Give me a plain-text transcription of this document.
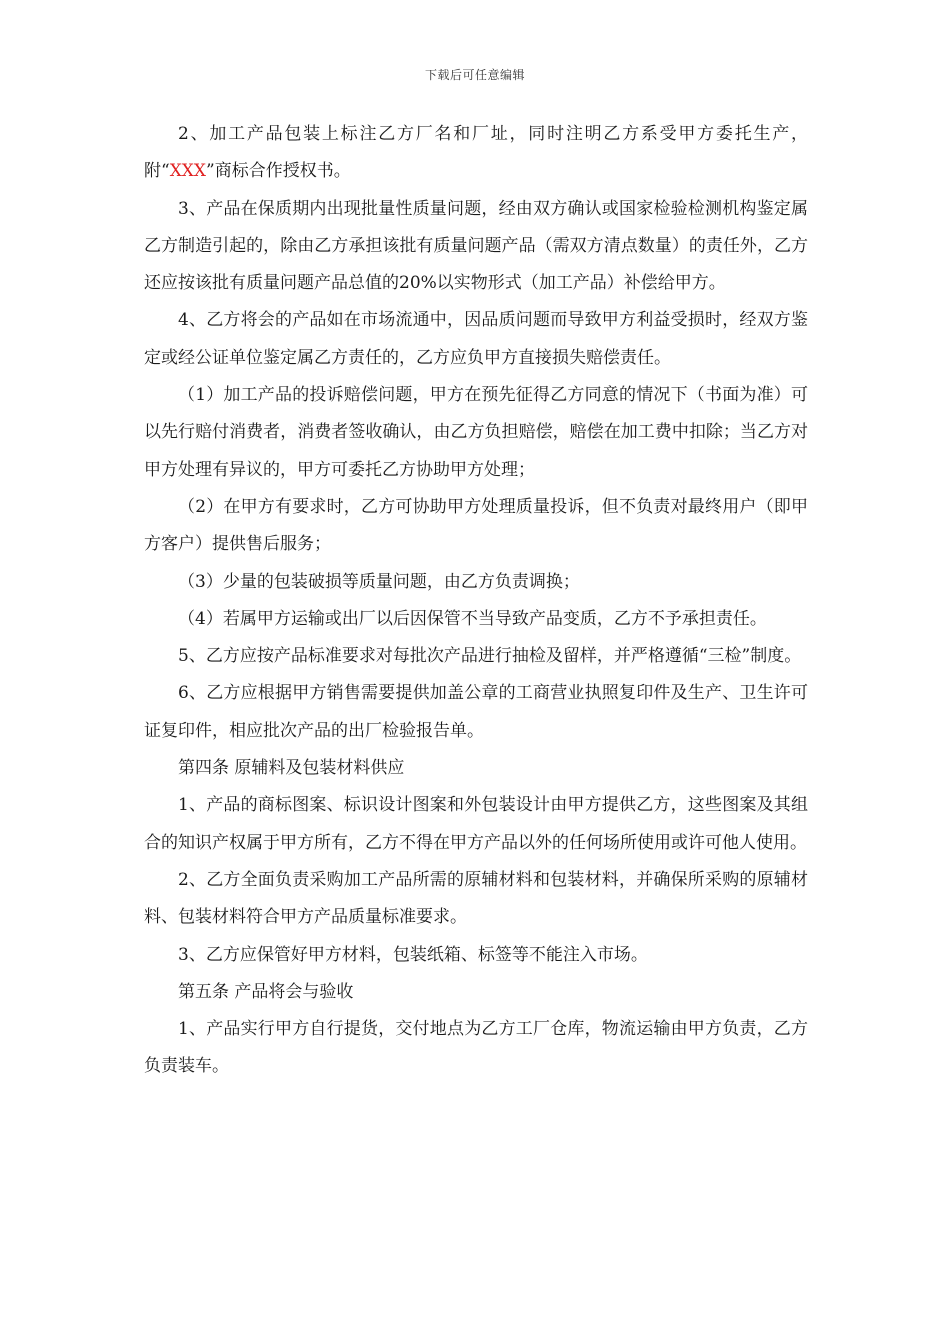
下载后可任意编辑

2、加工产品包装上标注乙方厂名和厂址，同时注明乙方系受甲方委托生产，附“XXX”商标合作授权书。

3、产品在保质期内出现批量性质量问题，经由双方确认或国家检验检测机构鉴定属乙方制造引起的，除由乙方承担该批有质量问题产品（需双方清点数量）的责任外，乙方还应按该批有质量问题产品总值的20%以实物形式（加工产品）补偿给甲方。

4、乙方将会的产品如在市场流通中，因品质问题而导致甲方利益受损时，经双方鉴定或经公证单位鉴定属乙方责任的，乙方应负甲方直接损失赔偿责任。

（1）加工产品的投诉赔偿问题，甲方在预先征得乙方同意的情况下（书面为准）可以先行赔付消费者，消费者签收确认，由乙方负担赔偿，赔偿在加工费中扣除；当乙方对甲方处理有异议的，甲方可委托乙方协助甲方处理；

（2）在甲方有要求时，乙方可协助甲方处理质量投诉，但不负责对最终用户（即甲方客户）提供售后服务；

（3）少量的包装破损等质量问题，由乙方负责调换；

（4）若属甲方运输或出厂以后因保管不当导致产品变质，乙方不予承担责任。

5、乙方应按产品标准要求对每批次产品进行抽检及留样，并严格遵循“三检”制度。

6、乙方应根据甲方销售需要提供加盖公章的工商营业执照复印件及生产、卫生许可证复印件，相应批次产品的出厂检验报告单。

第四条 原辅料及包装材料供应

1、产品的商标图案、标识设计图案和外包装设计由甲方提供乙方，这些图案及其组合的知识产权属于甲方所有，乙方不得在甲方产品以外的任何场所使用或许可他人使用。

2、乙方全面负责采购加工产品所需的原辅材料和包装材料，并确保所采购的原辅材料、包装材料符合甲方产品质量标准要求。

3、乙方应保管好甲方材料，包装纸箱、标签等不能注入市场。

第五条 产品将会与验收

1、产品实行甲方自行提货，交付地点为乙方工厂仓库，物流运输由甲方负责，乙方负责装车。
